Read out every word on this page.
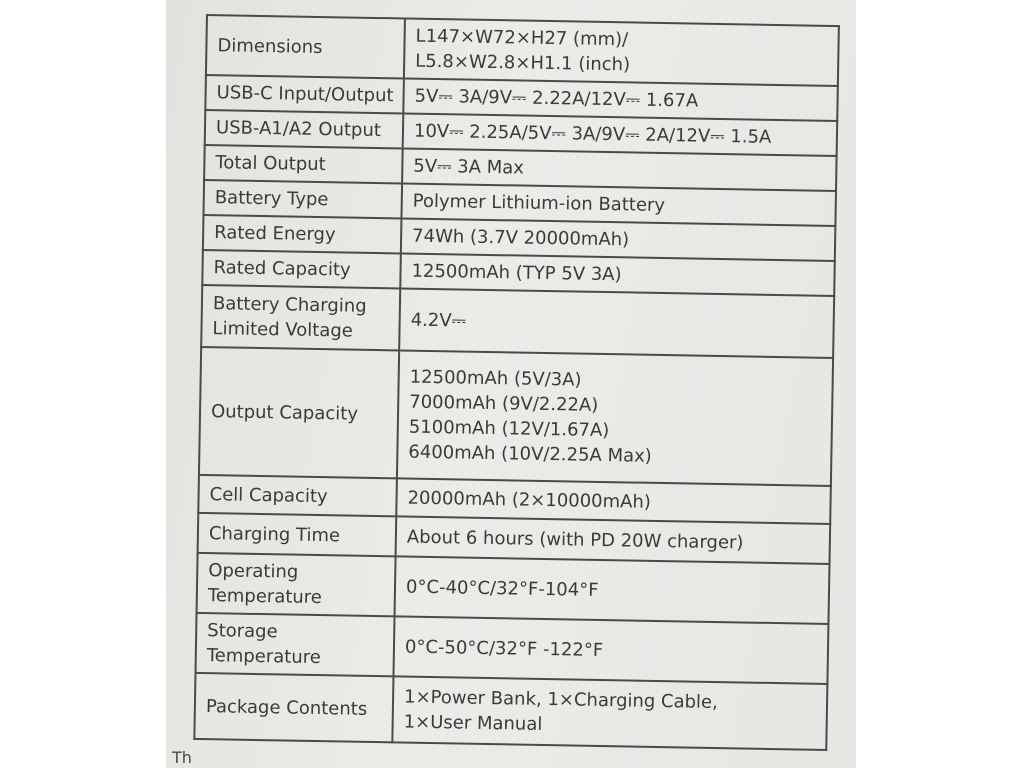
Dimensions	L147×W72×H27 (mm)/
L5.8×W2.8×H1.1 (inch)

USB-C Input/Output	5V⎓ 3A/9V⎓ 2.22A/12V⎓ 1.67A

USB-A1/A2 Output	10V⎓ 2.25A/5V⎓ 3A/9V⎓ 2A/12V⎓ 1.5A

Total Output	5V⎓ 3A Max

Battery Type	Polymer Lithium-ion Battery

Rated Energy	74Wh (3.7V 20000mAh)

Rated Capacity	12500mAh (TYP 5V 3A)

Battery Charging
Limited Voltage	4.2V⎓

Output Capacity	12500mAh (5V/3A)
7000mAh (9V/2.22A)
5100mAh (12V/1.67A)
6400mAh (10V/2.25A Max)

Cell Capacity	20000mAh (2×10000mAh)

Charging Time	About 6 hours (with PD 20W charger)

Operating Temperature	0°C-40°C/32°F-104°F

Storage Temperature	0°C-50°C/32°F -122°F

Package Contents	1×Power Bank, 1×Charging Cable,
1×User Manual
Th
